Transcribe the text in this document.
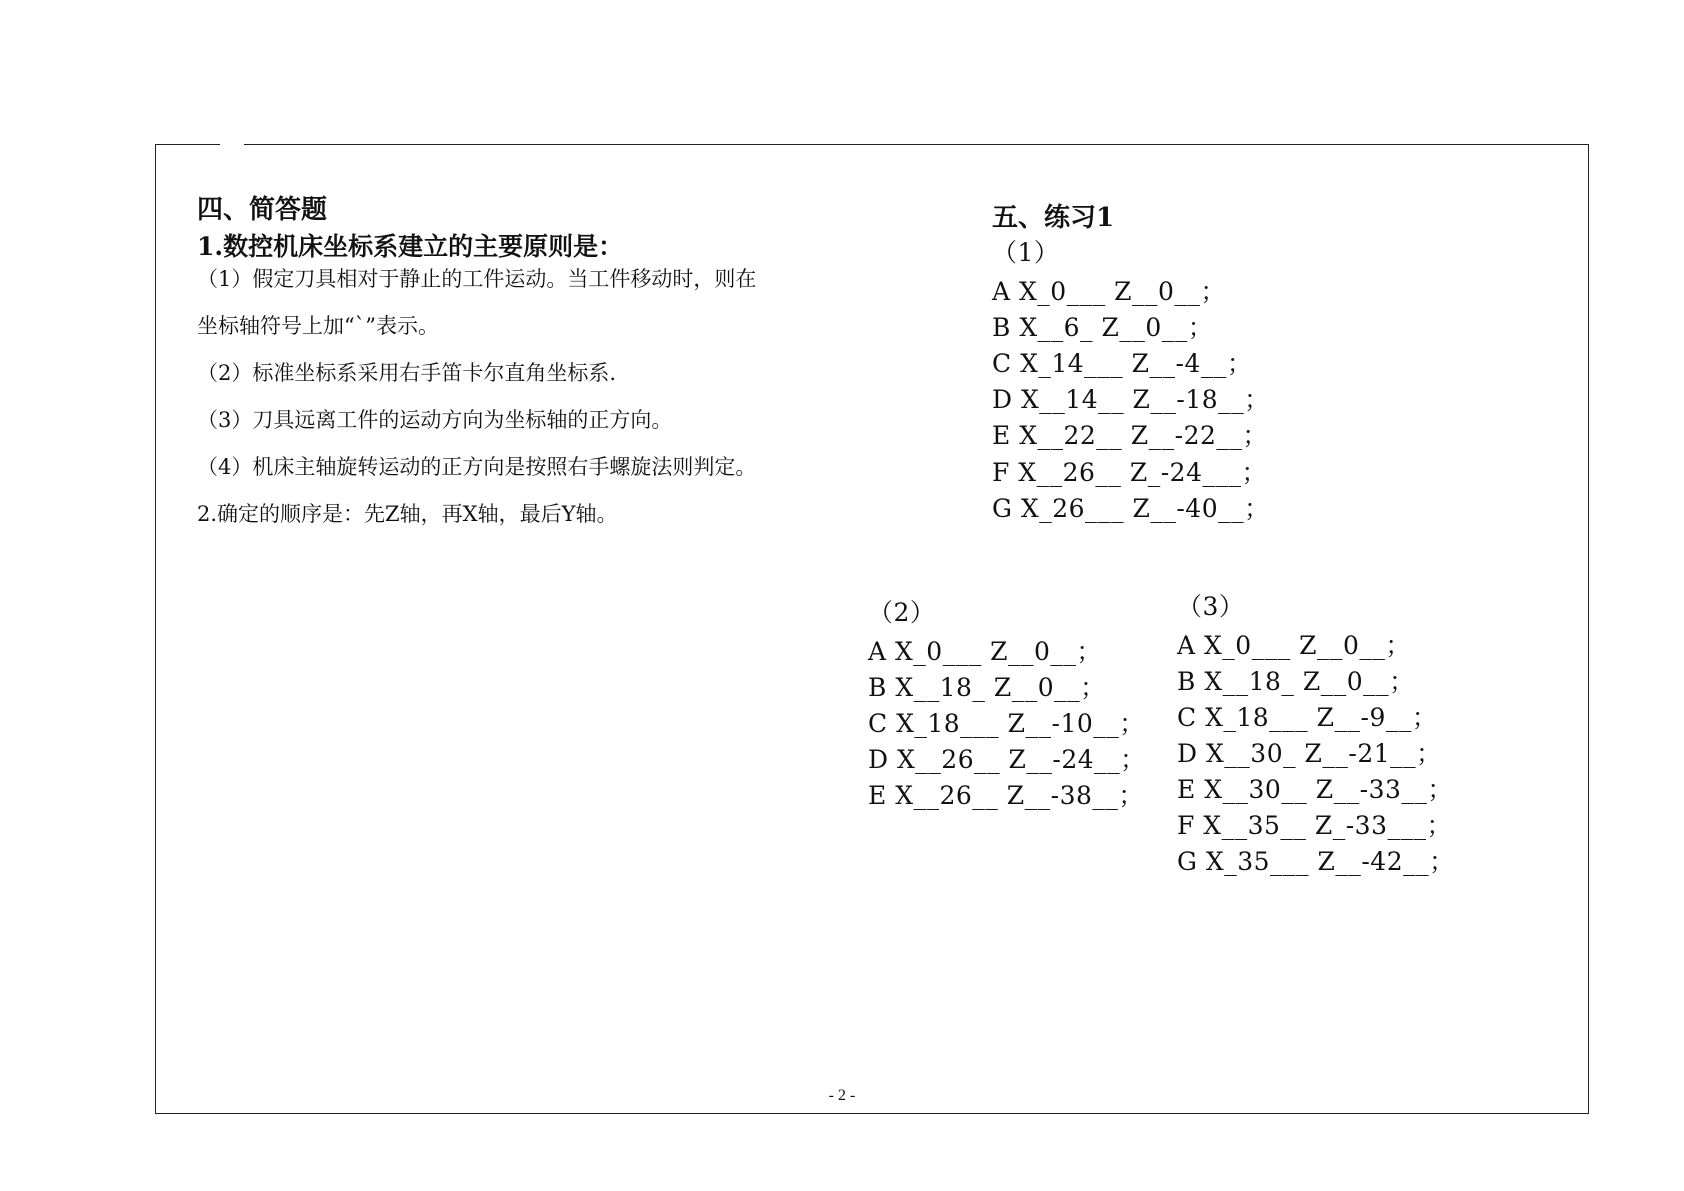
四、简答题
1.数控机床坐标系建立的主要原则是：
（1）假定刀具相对于静止的工件运动。当工件移动时，则在
坐标轴符号上加“`”表示。
（2）标准坐标系采用右手笛卡尔直角坐标系.
（3）刀具远离工件的运动方向为坐标轴的正方向。
（4）机床主轴旋转运动的正方向是按照右手螺旋法则判定。
2.确定的顺序是：先Z轴，再X轴，最后Y轴。
五、练习1
（1）
A X_0___ Z__0__；
B X__6_ Z__0__；
C X_14___ Z__-4__；
D X__14__ Z__-18__；
E X__22__ Z__-22__；
F X__26__ Z_-24___；
G X_26___ Z__-40__；
（2）
A X_0___ Z__0__；
B X__18_ Z__0__；
C X_18___ Z__-10__；
D X__26__ Z__-24__；
E X__26__ Z__-38__；
（3）
A X_0___ Z__0__；
B X__18_ Z__0__；
C X_18___ Z__-9__；
D X__30_ Z__-21__；
E X__30__ Z__-33__；
F X__35__ Z_-33___；
G X_35___ Z__-42__；
- 2 -
